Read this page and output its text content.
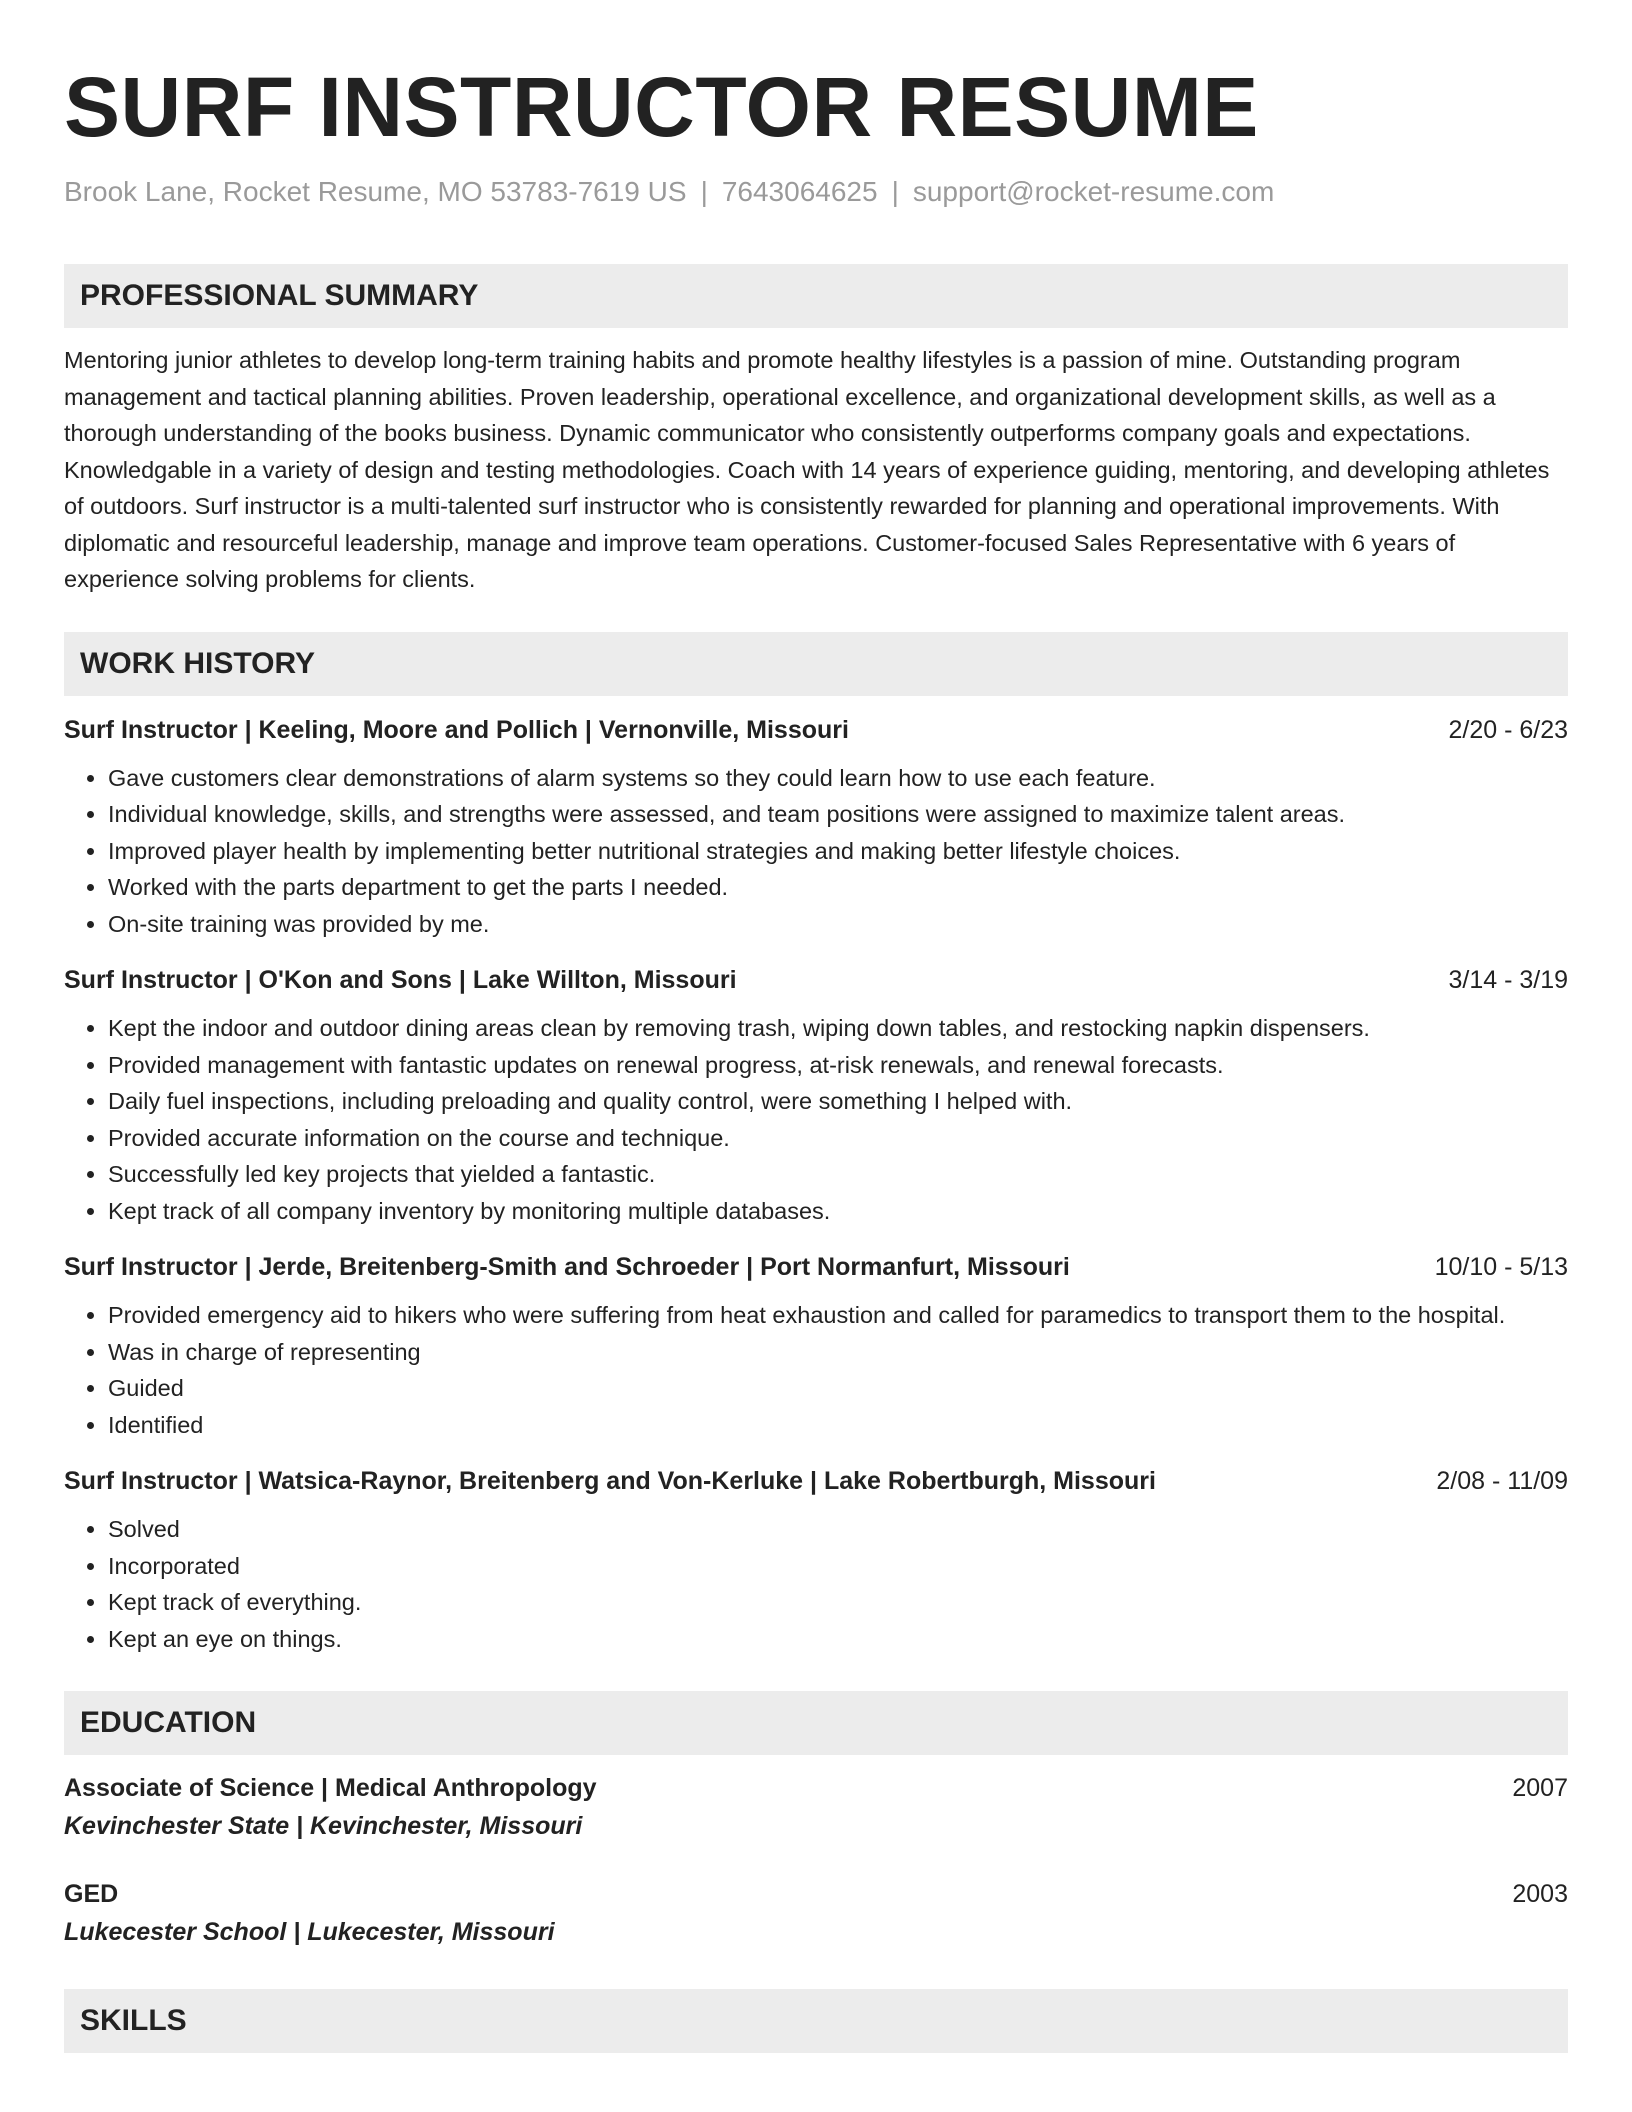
SURF INSTRUCTOR RESUME
Brook Lane, Rocket Resume, MO 53783-7619 US | 7643064625 | support@rocket-resume.com
PROFESSIONAL SUMMARY
Mentoring junior athletes to develop long-term training habits and promote healthy lifestyles is a passion of mine. Outstanding program management and tactical planning abilities. Proven leadership, operational excellence, and organizational development skills, as well as a thorough understanding of the books business. Dynamic communicator who consistently outperforms company goals and expectations. Knowledgable in a variety of design and testing methodologies. Coach with 14 years of experience guiding, mentoring, and developing athletes of outdoors. Surf instructor is a multi-talented surf instructor who is consistently rewarded for planning and operational improvements. With diplomatic and resourceful leadership, manage and improve team operations. Customer-focused Sales Representative with 6 years of experience solving problems for clients.
WORK HISTORY
Surf Instructor | Keeling, Moore and Pollich | Vernonville, Missouri	2/20 - 6/23
• Gave customers clear demonstrations of alarm systems so they could learn how to use each feature.
• Individual knowledge, skills, and strengths were assessed, and team positions were assigned to maximize talent areas.
• Improved player health by implementing better nutritional strategies and making better lifestyle choices.
• Worked with the parts department to get the parts I needed.
• On-site training was provided by me.
Surf Instructor | O'Kon and Sons | Lake Willton, Missouri	3/14 - 3/19
• Kept the indoor and outdoor dining areas clean by removing trash, wiping down tables, and restocking napkin dispensers.
• Provided management with fantastic updates on renewal progress, at-risk renewals, and renewal forecasts.
• Daily fuel inspections, including preloading and quality control, were something I helped with.
• Provided accurate information on the course and technique.
• Successfully led key projects that yielded a fantastic.
• Kept track of all company inventory by monitoring multiple databases.
Surf Instructor | Jerde, Breitenberg-Smith and Schroeder | Port Normanfurt, Missouri	10/10 - 5/13
• Provided emergency aid to hikers who were suffering from heat exhaustion and called for paramedics to transport them to the hospital.
• Was in charge of representing
• Guided
• Identified
Surf Instructor | Watsica-Raynor, Breitenberg and Von-Kerluke | Lake Robertburgh, Missouri	2/08 - 11/09
• Solved
• Incorporated
• Kept track of everything.
• Kept an eye on things.
EDUCATION
Associate of Science | Medical Anthropology	2007
Kevinchester State | Kevinchester, Missouri
GED	2003
Lukecester School | Lukecester, Missouri
SKILLS
